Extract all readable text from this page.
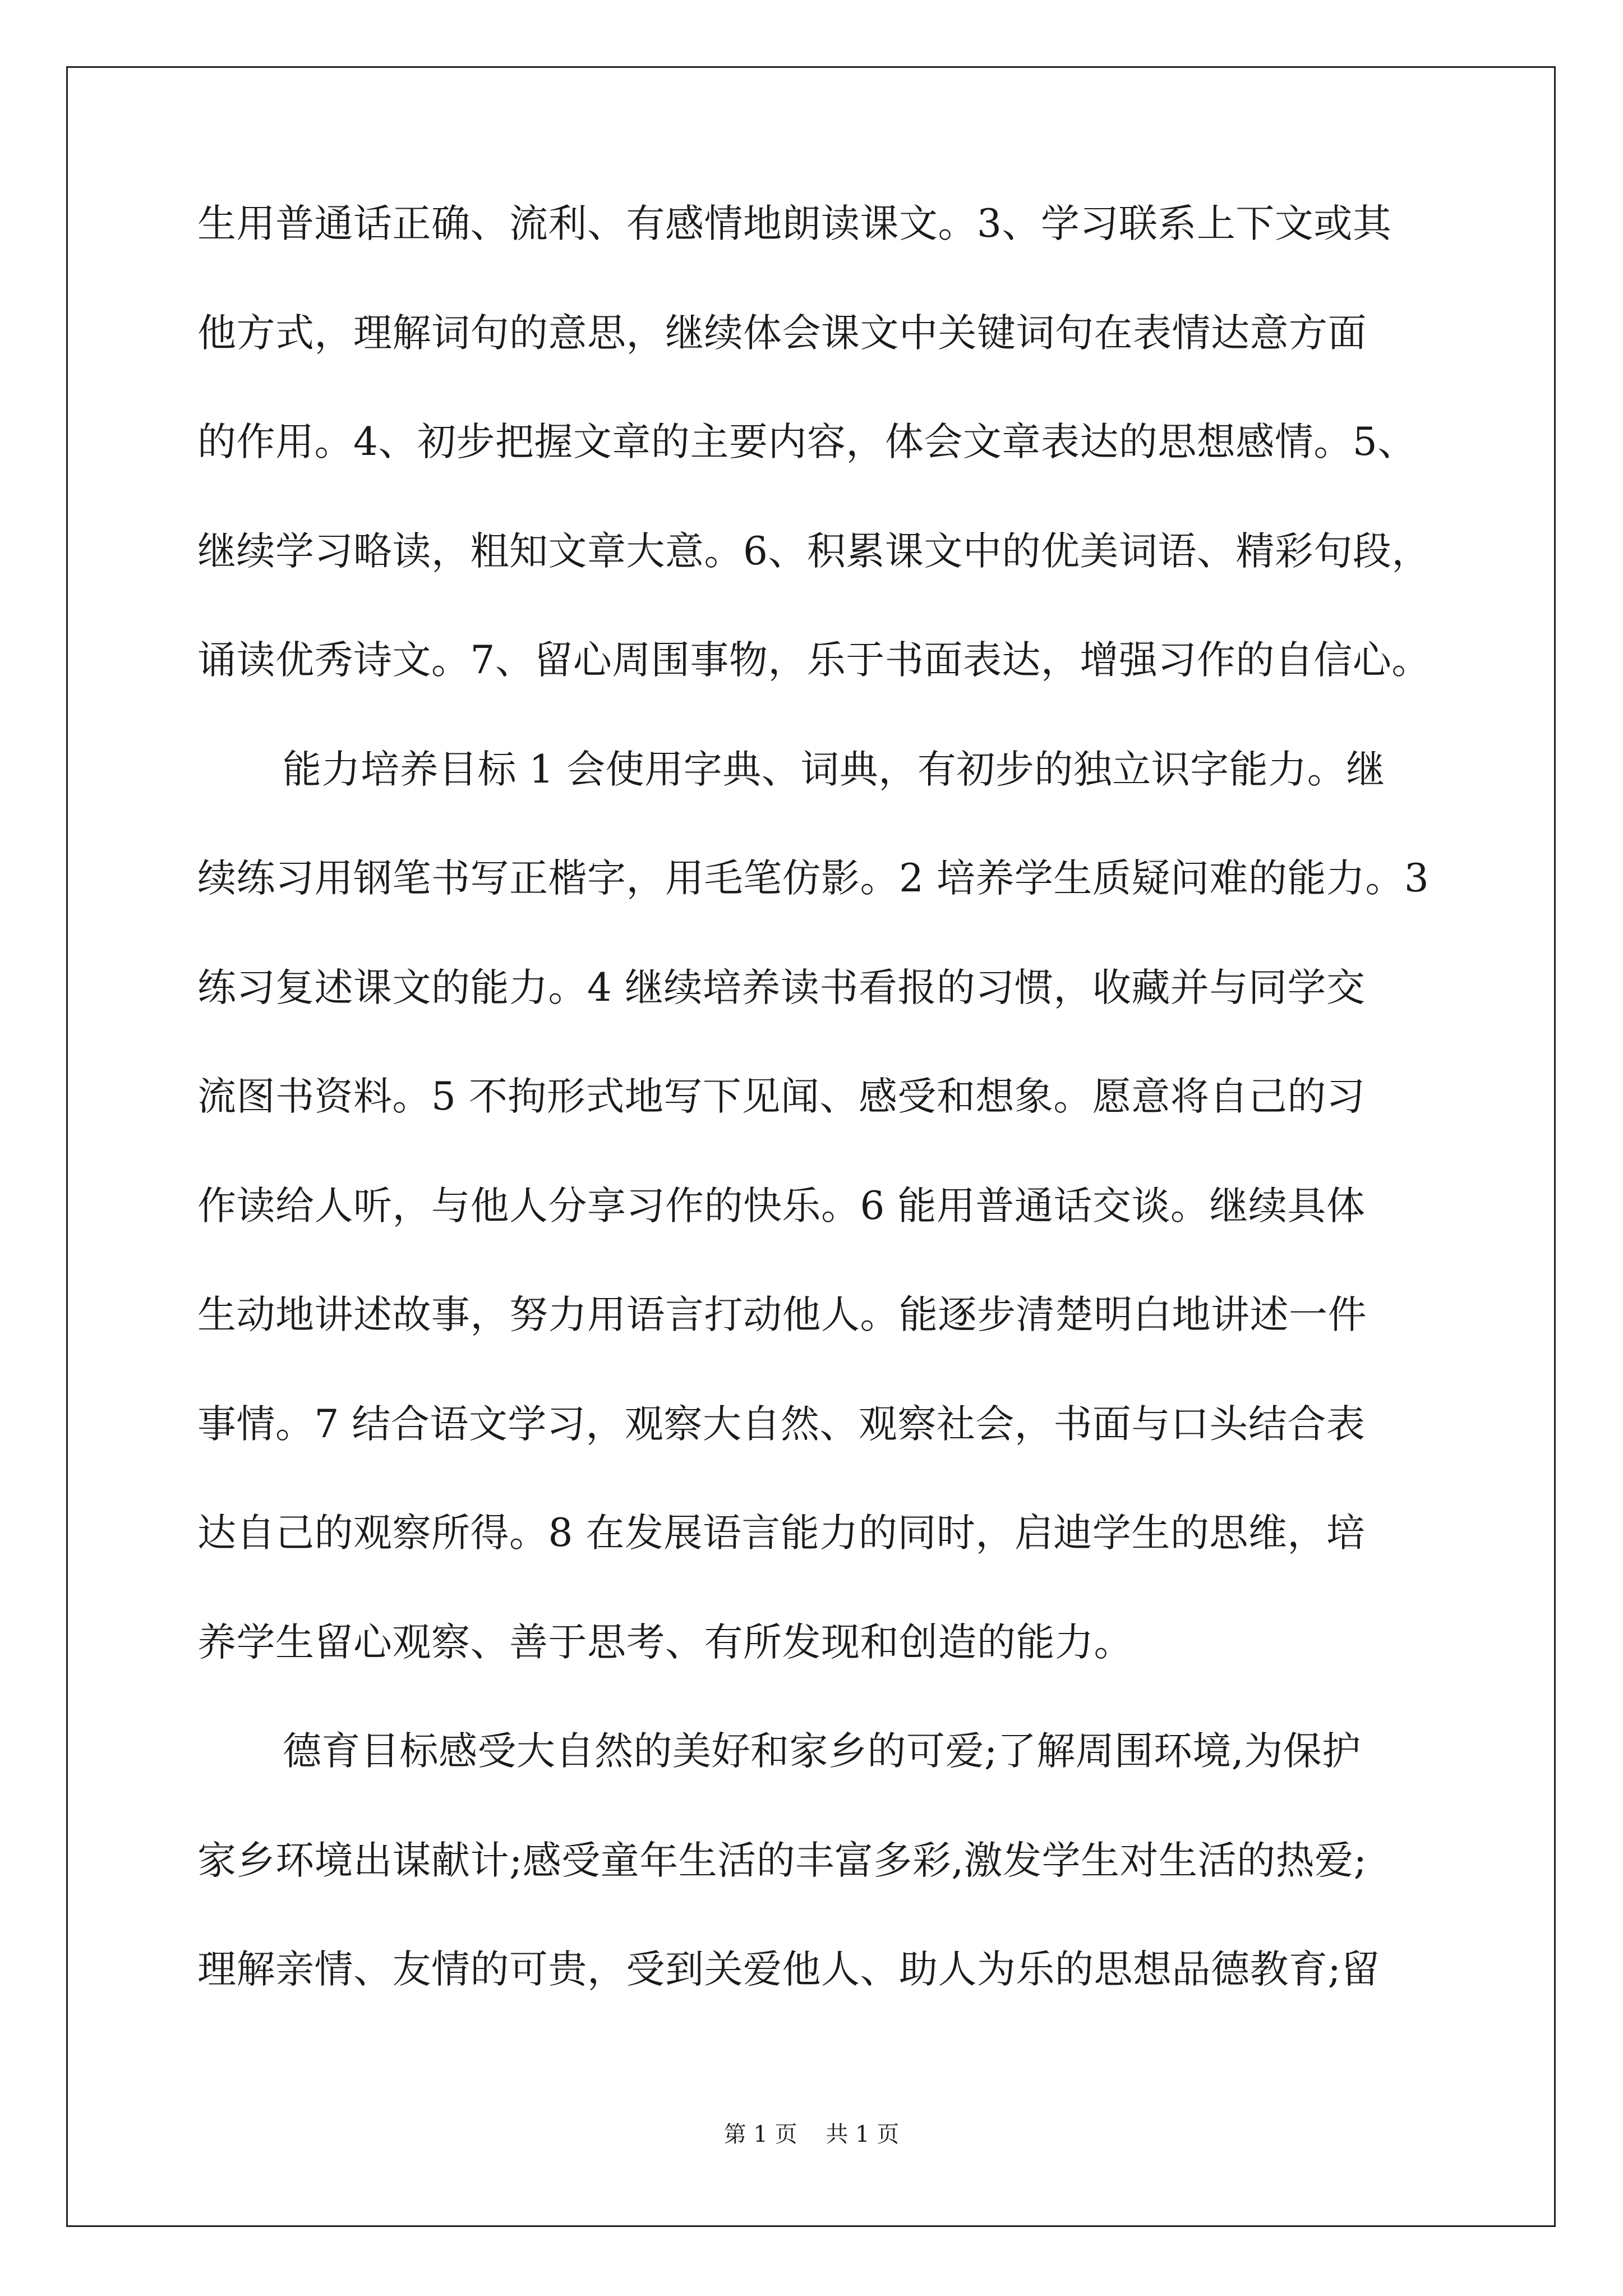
生用普通话正确、流利、有感情地朗读课文。3、学习联系上下文或其
他方式，理解词句的意思，继续体会课文中关键词句在表情达意方面
的作用。4、初步把握文章的主要内容，体会文章表达的思想感情。5、
继续学习略读，粗知文章大意。6、积累课文中的优美词语、精彩句段，
诵读优秀诗文。7、留心周围事物，乐于书面表达，增强习作的自信心。
能力培养目标 1 会使用字典、词典，有初步的独立识字能力。继
续练习用钢笔书写正楷字，用毛笔仿影。2 培养学生质疑问难的能力。3
练习复述课文的能力。4 继续培养读书看报的习惯，收藏并与同学交
流图书资料。5 不拘形式地写下见闻、感受和想象。愿意将自己的习
作读给人听，与他人分享习作的快乐。6 能用普通话交谈。继续具体
生动地讲述故事，努力用语言打动他人。能逐步清楚明白地讲述一件
事情。7 结合语文学习，观察大自然、观察社会，书面与口头结合表
达自己的观察所得。8 在发展语言能力的同时，启迪学生的思维，培
养学生留心观察、善于思考、有所发现和创造的能力。
德育目标感受大自然的美好和家乡的可爱;了解周围环境,为保护
家乡环境出谋献计;感受童年生活的丰富多彩,激发学生对生活的热爱;
理解亲情、友情的可贵，受到关爱他人、助人为乐的思想品德教育;留
第 1 页    共 1 页
